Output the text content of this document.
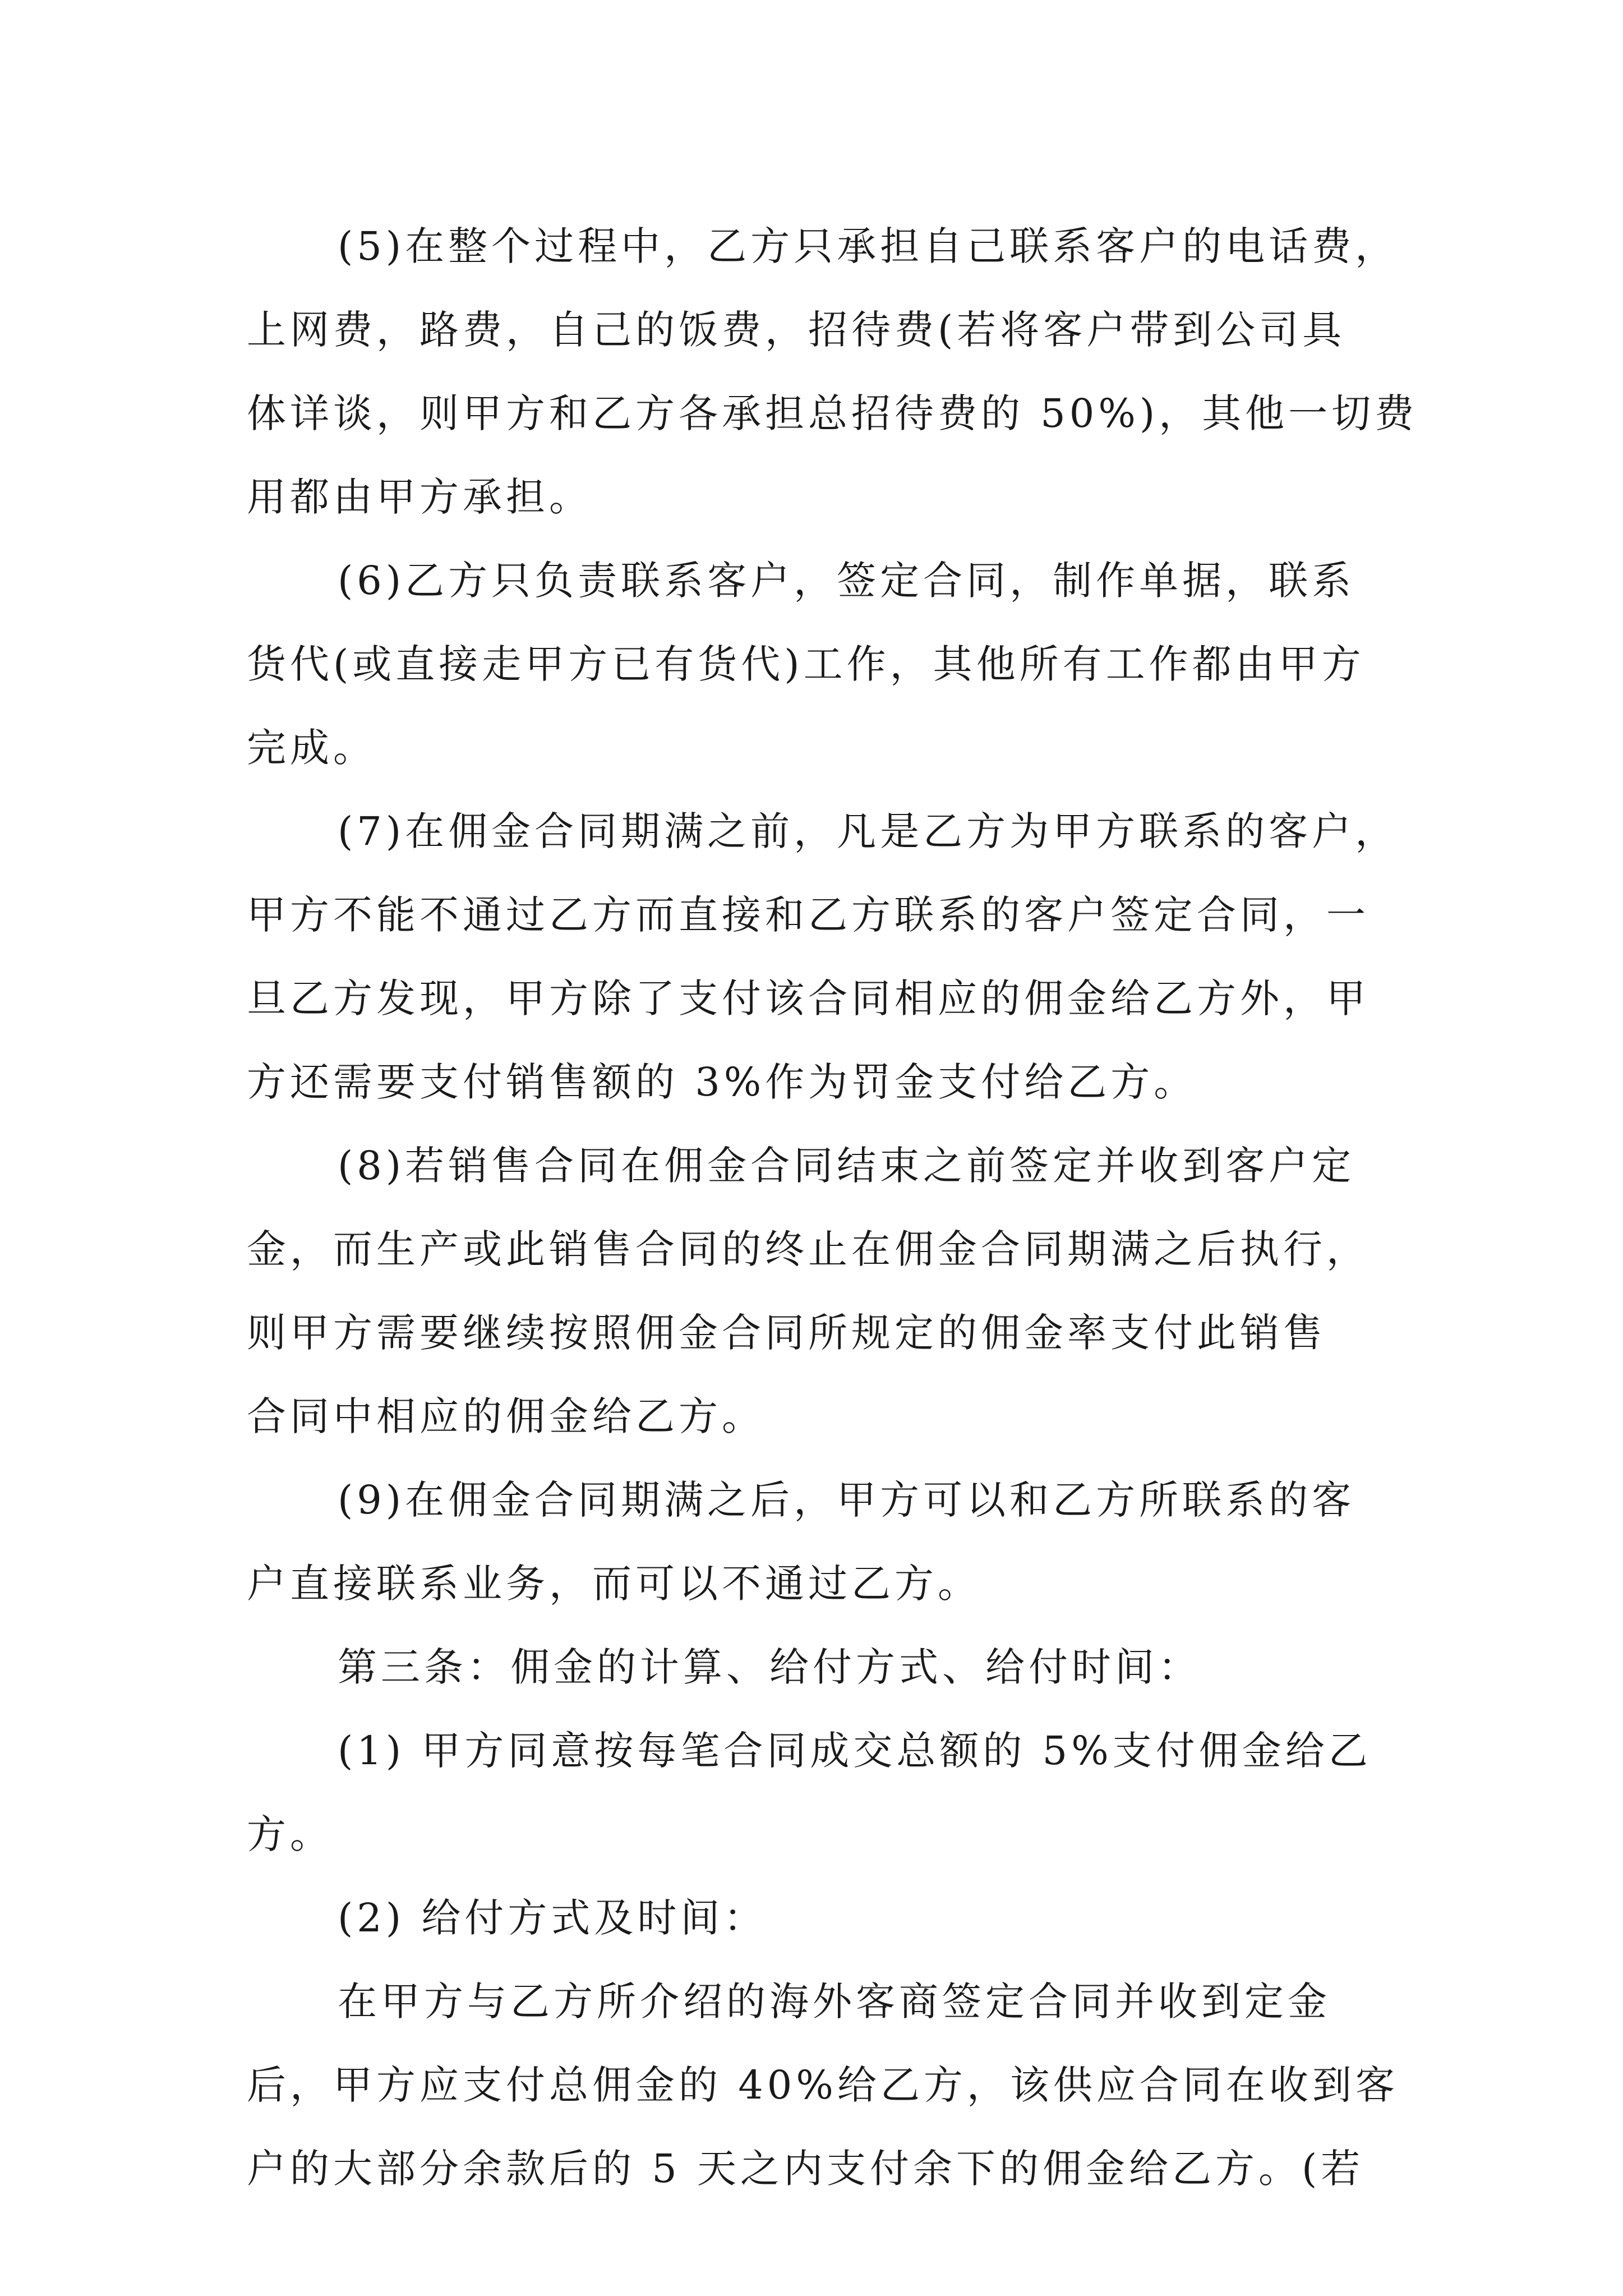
(5)在整个过程中，乙方只承担自己联系客户的电话费，
上网费，路费，自己的饭费，招待费(若将客户带到公司具
体详谈，则甲方和乙方各承担总招待费的 50%)，其他一切费
用都由甲方承担。

(6)乙方只负责联系客户，签定合同，制作单据，联系
货代(或直接走甲方已有货代)工作，其他所有工作都由甲方
完成。

(7)在佣金合同期满之前，凡是乙方为甲方联系的客户，
甲方不能不通过乙方而直接和乙方联系的客户签定合同，一
旦乙方发现，甲方除了支付该合同相应的佣金给乙方外，甲
方还需要支付销售额的 3%作为罚金支付给乙方。

(8)若销售合同在佣金合同结束之前签定并收到客户定
金，而生产或此销售合同的终止在佣金合同期满之后执行，
则甲方需要继续按照佣金合同所规定的佣金率支付此销售
合同中相应的佣金给乙方。

(9)在佣金合同期满之后，甲方可以和乙方所联系的客
户直接联系业务，而可以不通过乙方。

第三条：佣金的计算、给付方式、给付时间：

(1) 甲方同意按每笔合同成交总额的 5%支付佣金给乙
方。

(2) 给付方式及时间：

在甲方与乙方所介绍的海外客商签定合同并收到定金
后，甲方应支付总佣金的 40%给乙方，该供应合同在收到客
户的大部分余款后的 5 天之内支付余下的佣金给乙方。(若
